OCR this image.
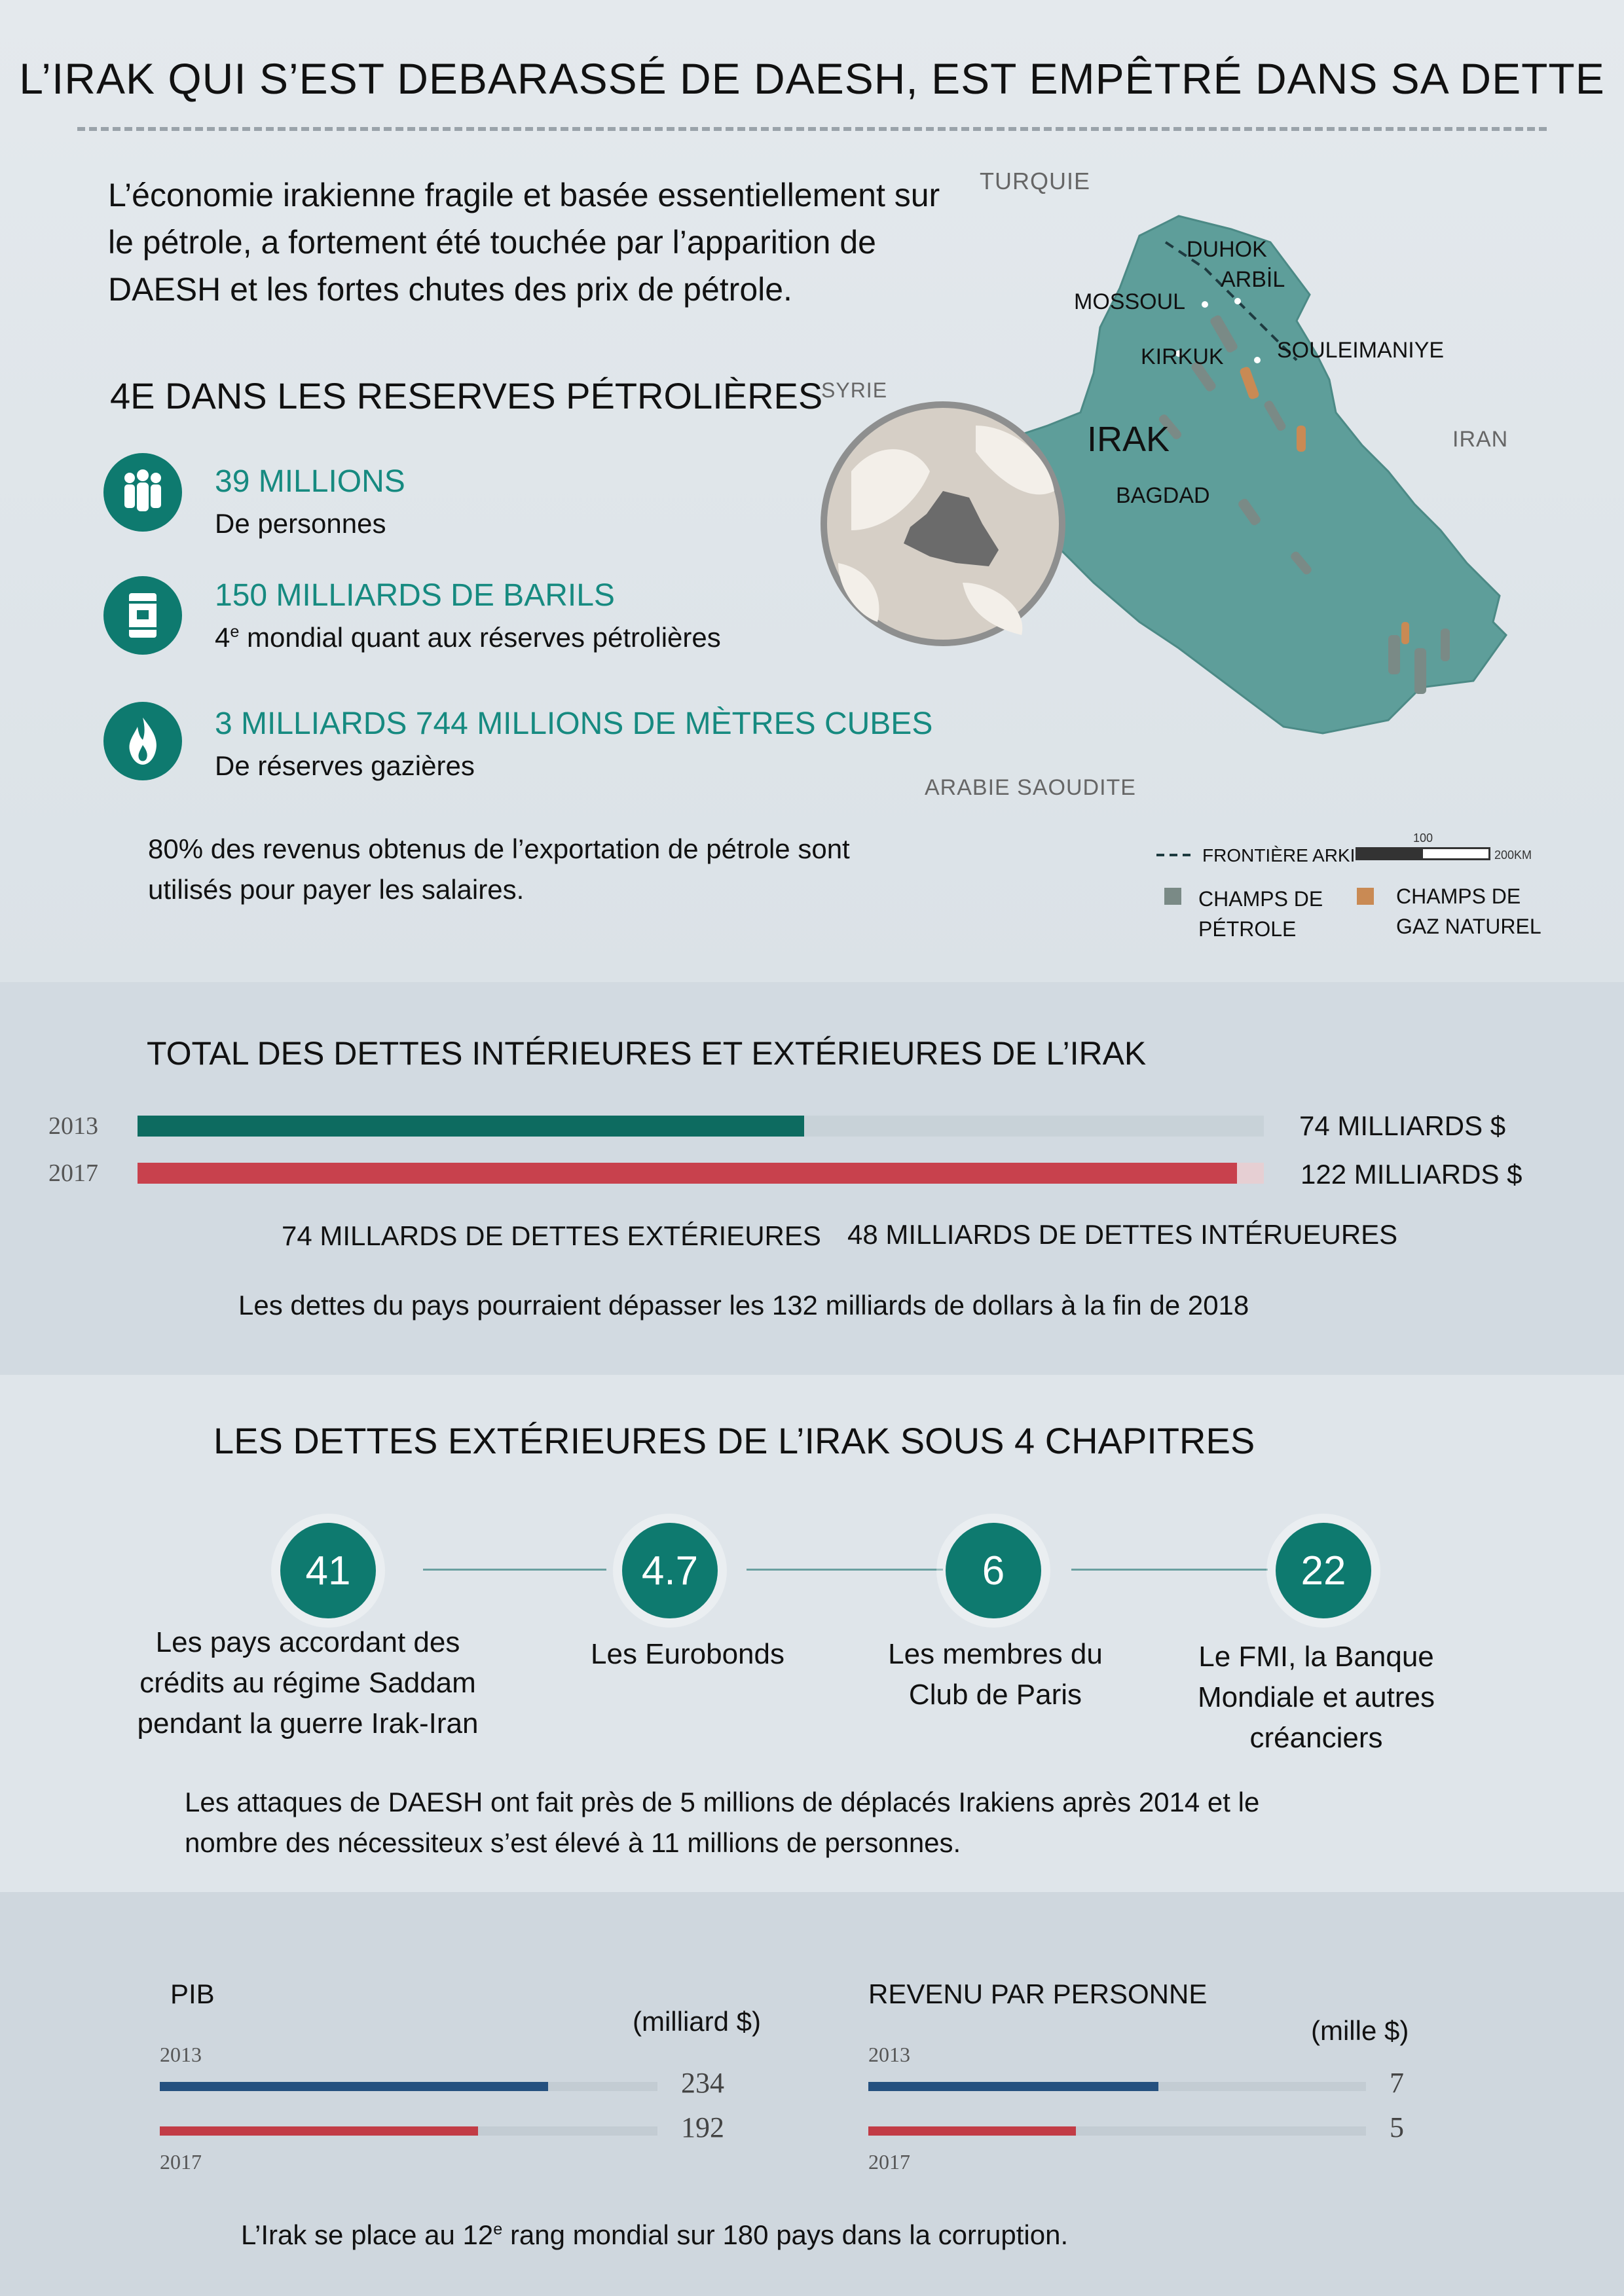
L’IRAK QUI S’EST DEBARASSÉ DE DAESH, EST EMPÊTRÉ DANS SA DETTE
L’économie irakienne fragile et basée essentiellement sur le pétrole, a fortement été touchée par l’apparition de DAESH et les fortes chutes des prix de pétrole.
4E DANS LES RESERVES PÉTROLIÈRES
39 MILLIONS
De personnes
150 MILLIARDS DE BARILS
4e mondial quant aux réserves pétrolières
3 MILLIARDS 744 MILLIONS DE MÈTRES CUBES
De réserves gazières
80% des revenus obtenus de l’exportation de pétrole sont utilisés pour payer les salaires.
TURQUIE
SYRIE
IRAN
ARABIE SAOUDITE
IRAK
DUHOK
ARBİL
MOSSOUL
KIRKUK SOULEIMANIYE
BAGDAD
FRONTIÈRE ARKI
100
200KM
CHAMPS DE PÉTROLE
CHAMPS DE GAZ NATUREL
TOTAL DES DETTES INTÉRIEURES ET EXTÉRIEURES DE L’IRAK
2013
2017
74 MILLIARDS $
122 MILLIARDS $
74 MILLARDS DE DETTES EXTÉRIEURES 48 MILLIARDS DE DETTES INTÉRUEURES
Les dettes du pays pourraient dépasser les 132 milliards de dollars à la fin de 2018
LES DETTES EXTÉRIEURES DE L’IRAK SOUS 4 CHAPITRES
41	4.7	6	22
Les pays accordant des crédits au régime Saddam pendant la guerre Irak-Iran
Les Eurobonds	Les membres du Club de Paris
Le FMI, la Banque Mondiale et autres créanciers
Les attaques de DAESH ont fait près de 5 millions de déplacés Irakiens après 2014 et le nombre des nécessiteux s’est élevé à 11 millions de personnes.
PIB
(milliard $)
2013
234
192
2017
REVENU PAR PERSONNE
(mille $)
2013
7
5
2017
L’Irak se place au 12e rang mondial sur 180 pays dans la corruption.
